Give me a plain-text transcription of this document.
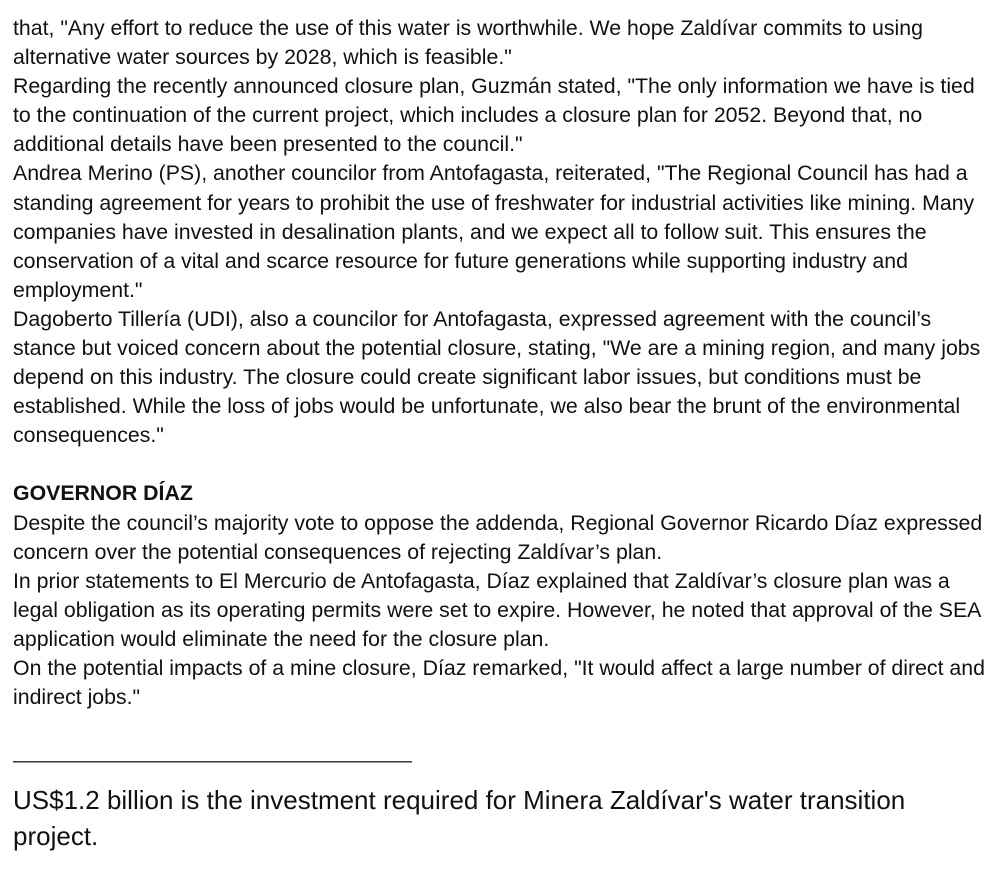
that, "Any effort to reduce the use of this water is worthwhile. We hope Zaldívar commits to using alternative water sources by 2028, which is feasible."

Regarding the recently announced closure plan, Guzmán stated, "The only information we have is tied to the continuation of the current project, which includes a closure plan for 2052. Beyond that, no additional details have been presented to the council."

Andrea Merino (PS), another councilor from Antofagasta, reiterated, "The Regional Council has had a standing agreement for years to prohibit the use of freshwater for industrial activities like mining. Many companies have invested in desalination plants, and we expect all to follow suit. This ensures the conservation of a vital and scarce resource for future generations while supporting industry and employment."

Dagoberto Tillería (UDI), also a councilor for Antofagasta, expressed agreement with the council’s stance but voiced concern about the potential closure, stating, "We are a mining region, and many jobs depend on this industry. The closure could create significant labor issues, but conditions must be established. While the loss of jobs would be unfortunate, we also bear the brunt of the environmental consequences."

GOVERNOR DÍAZ

Despite the council’s majority vote to oppose the addenda, Regional Governor Ricardo Díaz expressed concern over the potential consequences of rejecting Zaldívar’s plan.

In prior statements to El Mercurio de Antofagasta, Díaz explained that Zaldívar’s closure plan was a legal obligation as its operating permits were set to expire. However, he noted that approval of the SEA application would eliminate the need for the closure plan.

On the potential impacts of a mine closure, Díaz remarked, "It would affect a large number of direct and indirect jobs."

———————————————————

US$1.2 billion is the investment required for Minera Zaldívar's water transition project.
